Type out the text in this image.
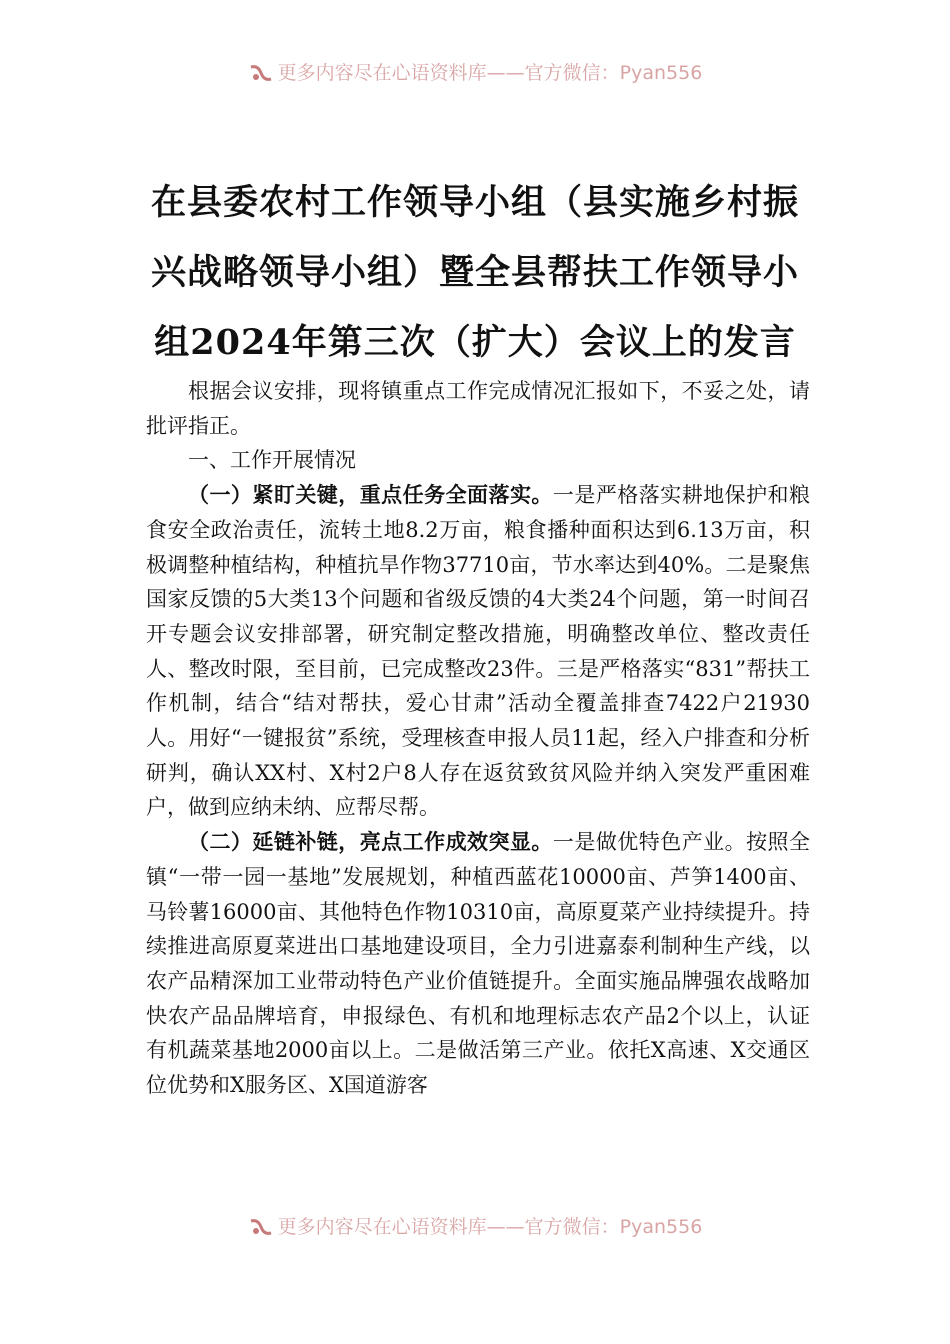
更多内容尽在心语资料库——官方微信：Pyan556
在县委农村工作领导小组（县实施乡村振
兴战略领导小组）暨全县帮扶工作领导小
组2024年第三次（扩大）会议上的发言

根据会议安排，现将镇重点工作完成情况汇报如下，不妥之处，请批评指正。

一、工作开展情况

（一）紧盯关键，重点任务全面落实。一是严格落实耕地保护和粮食安全政治责任，流转土地8.2万亩，粮食播种面积达到6.13万亩，积极调整种植结构，种植抗旱作物37710亩，节水率达到40%。二是聚焦国家反馈的5大类13个问题和省级反馈的4大类24个问题，第一时间召开专题会议安排部署，研究制定整改措施，明确整改单位、整改责任人、整改时限，至目前，已完成整改23件。三是严格落实“831”帮扶工作机制，结合“结对帮扶，爱心甘肃”活动全覆盖排查7422户21930人。用好“一键报贫”系统，受理核查申报人员11起，经入户排查和分析研判，确认XX村、X村2户8人存在返贫致贫风险并纳入突发严重困难户，做到应纳未纳、应帮尽帮。

（二）延链补链，亮点工作成效突显。一是做优特色产业。按照全镇“一带一园一基地”发展规划，种植西蓝花10000亩、芦笋1400亩、马铃薯16000亩、其他特色作物10310亩，高原夏菜产业持续提升。持续推进高原夏菜进出口基地建设项目，全力引进嘉泰利制种生产线，以农产品精深加工业带动特色产业价值链提升。全面实施品牌强农战略加快农产品品牌培育，申报绿色、有机和地理标志农产品2个以上，认证有机蔬菜基地2000亩以上。二是做活第三产业。依托X高速、X交通区位优势和X服务区、X国道游客

更多内容尽在心语资料库——官方微信：Pyan556
